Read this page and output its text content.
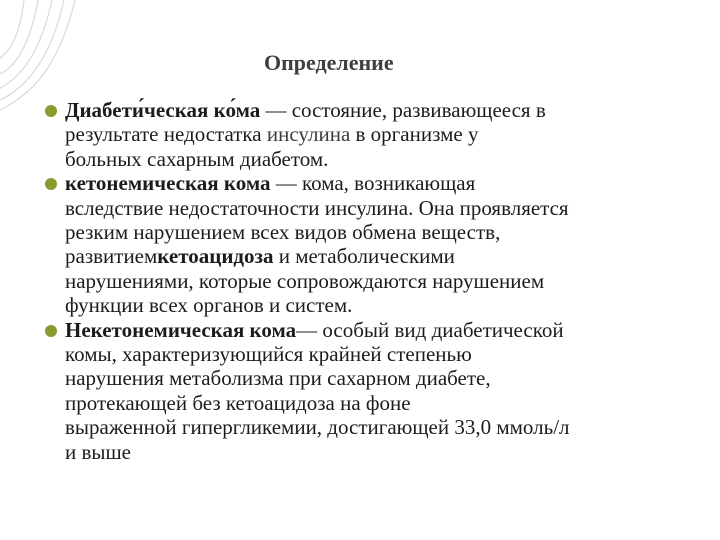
Определение
Диабети́ческая ко́ма — состояние, развивающееся в
результате недостатка инсулина в организме у
больных сахарным диабетом.
кетонемическая кома — кома, возникающая
вследствие недостаточности инсулина. Она проявляется
резким нарушением всех видов обмена веществ,
развитиемкетоацидоза и метаболическими
нарушениями, которые сопровождаются нарушением
функции всех органов и систем.
Некетонемическая кома— особый вид диабетической
комы, характеризующийся крайней степенью
нарушения метаболизма при сахарном диабете,
протекающей без кетоацидоза на фоне
выраженной гипергликемии, достигающей 33,0 ммоль/л
и выше
